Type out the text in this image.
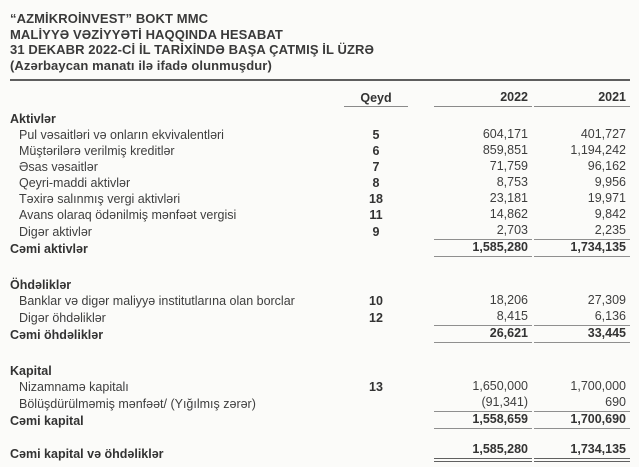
“AZMİKROİNVEST” BOKT MMC
MALİYYƏ VƏZİYYƏTİ HAQQINDA HESABAT
31 DEKABR 2022-Cİ İL TARİXİNDƏ BAŞA ÇATMIŞ İL ÜZRƏ
(Azərbaycan manatı ilə ifadə olunmuşdur)
	Qeyd	2022	2021
Aktivlər			
Pul vəsaitləri və onların ekvivalentləri	5	604,171	401,727
Müştərilərə verilmiş kreditlər	6	859,851	1,194,242
Əsas vəsaitlər	7	71,759	96,162
Qeyri-maddi aktivlər	8	8,753	9,956
Təxirə salınmış vergi aktivləri	18	23,181	19,971
Avans olaraq ödənilmiş mənfəət vergisi	11	14,862	9,842
Digər aktivlər	9	2,703	2,235
Cəmi aktivlər		1,585,280	1,734,135

Öhdəliklər			
Banklar və digər maliyyə institutlarına olan borclar	10	18,206	27,309
Digər öhdəliklər	12	8,415	6,136
Cəmi öhdəliklər		26,621	33,445

Kapital			
Nizamnamə kapitalı	13	1,650,000	1,700,000
Bölüşdürülməmiş mənfəət/ (Yığılmış zərər)		(91,341)	690
Cəmi kapital		1,558,659	1,700,690

Cəmi kapital və öhdəliklər		1,585,280	1,734,135
